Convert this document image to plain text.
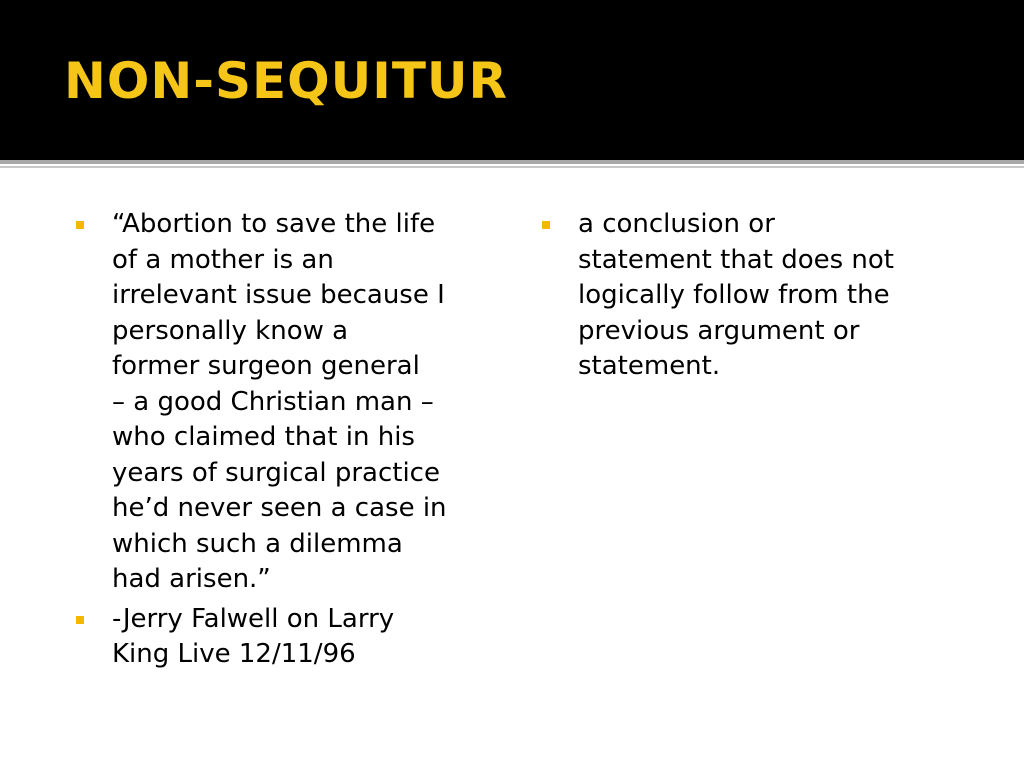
NON-SEQUITUR
“Abortion to save the life
of a mother is an
irrelevant issue because I
personally know a
former surgeon general
– a good Christian man –
who claimed that in his
years of surgical practice
he’d never seen a case in
which such a dilemma
had arisen.”
-Jerry Falwell on Larry
King Live 12/11/96
a conclusion or
statement that does not
logically follow from the
previous argument or
statement.
